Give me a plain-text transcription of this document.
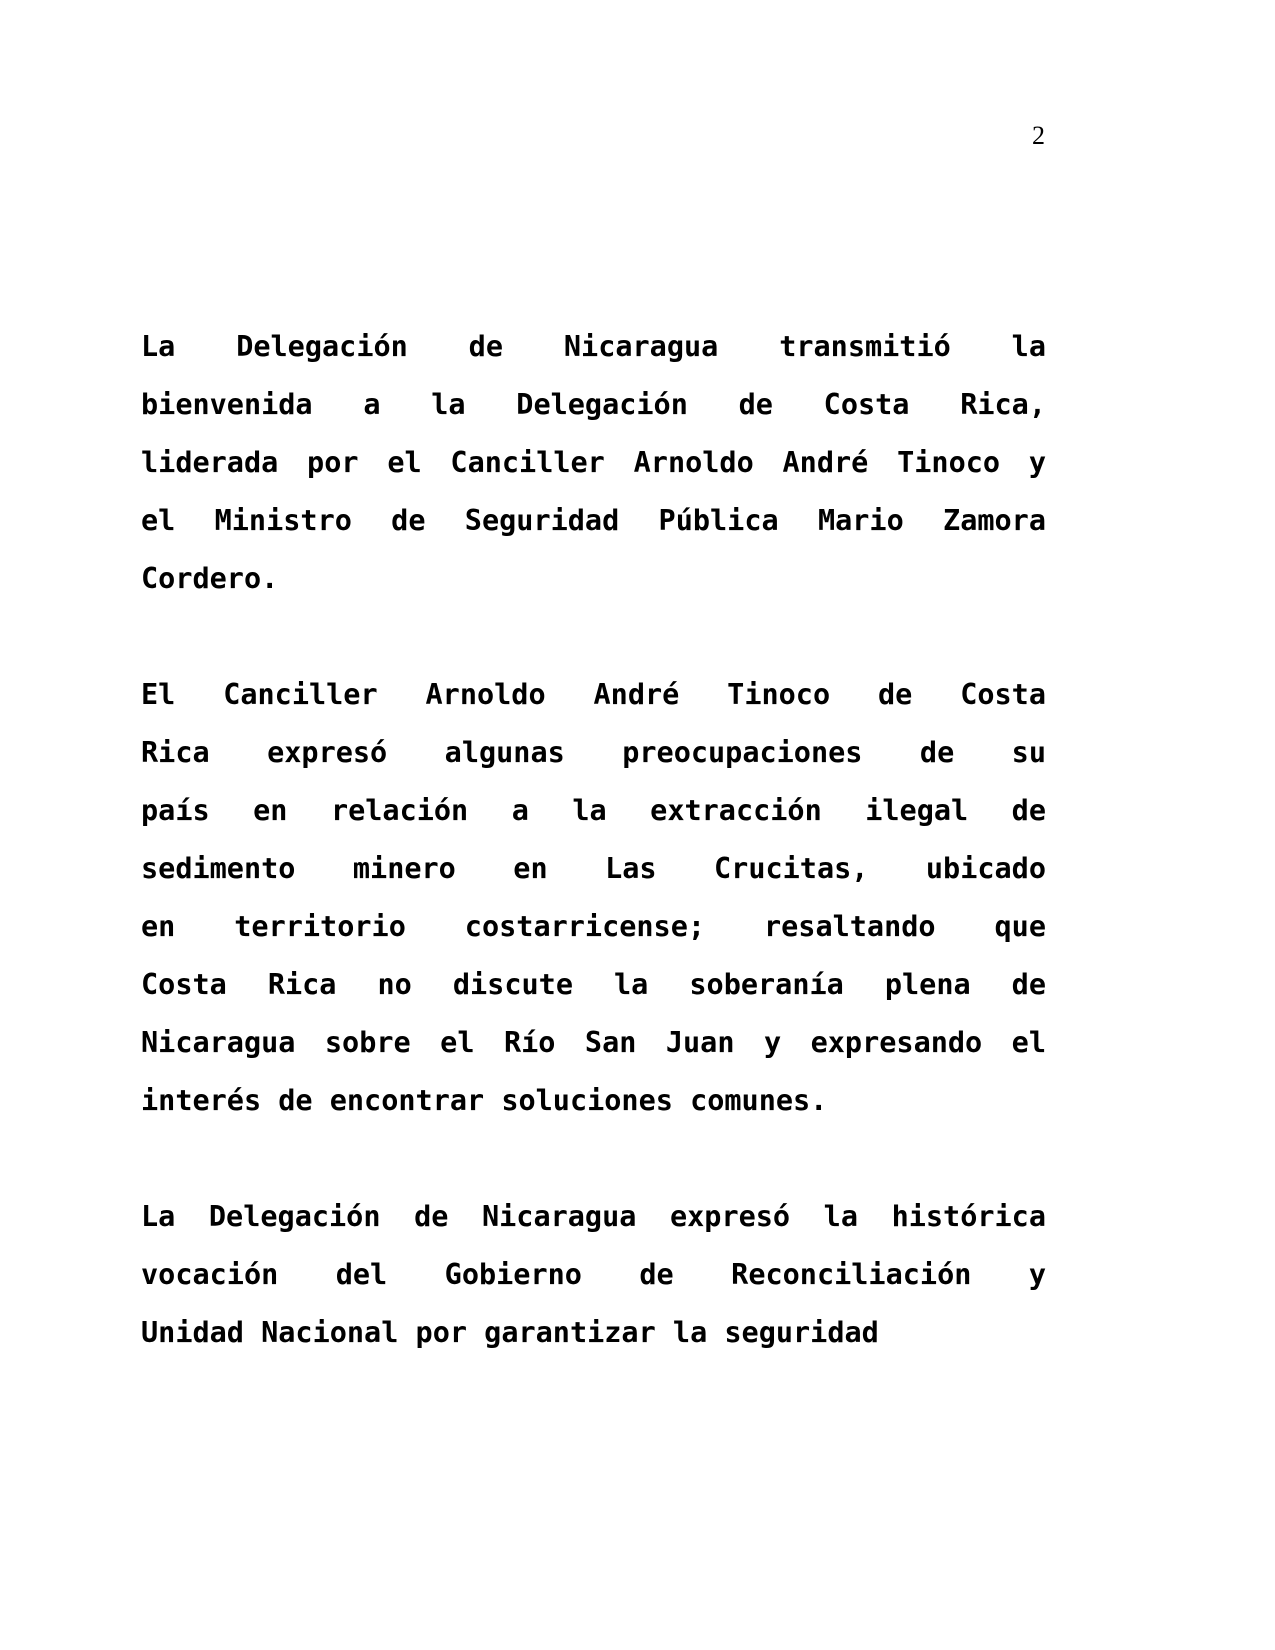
2

La Delegación de Nicaragua transmitió la
bienvenida a la Delegación de Costa Rica,
liderada por el Canciller Arnoldo André Tinoco y
el Ministro de Seguridad Pública Mario Zamora
Cordero.

El Canciller Arnoldo André Tinoco de Costa
Rica expresó algunas preocupaciones de su
país en relación a la extracción ilegal de
sedimento minero en Las Crucitas, ubicado
en territorio costarricense; resaltando que
Costa Rica no discute la soberanía plena de
Nicaragua sobre el Río San Juan y expresando el
interés de encontrar soluciones comunes.

La Delegación de Nicaragua expresó la histórica
vocación del Gobierno de Reconciliación y
Unidad Nacional por garantizar la seguridad
